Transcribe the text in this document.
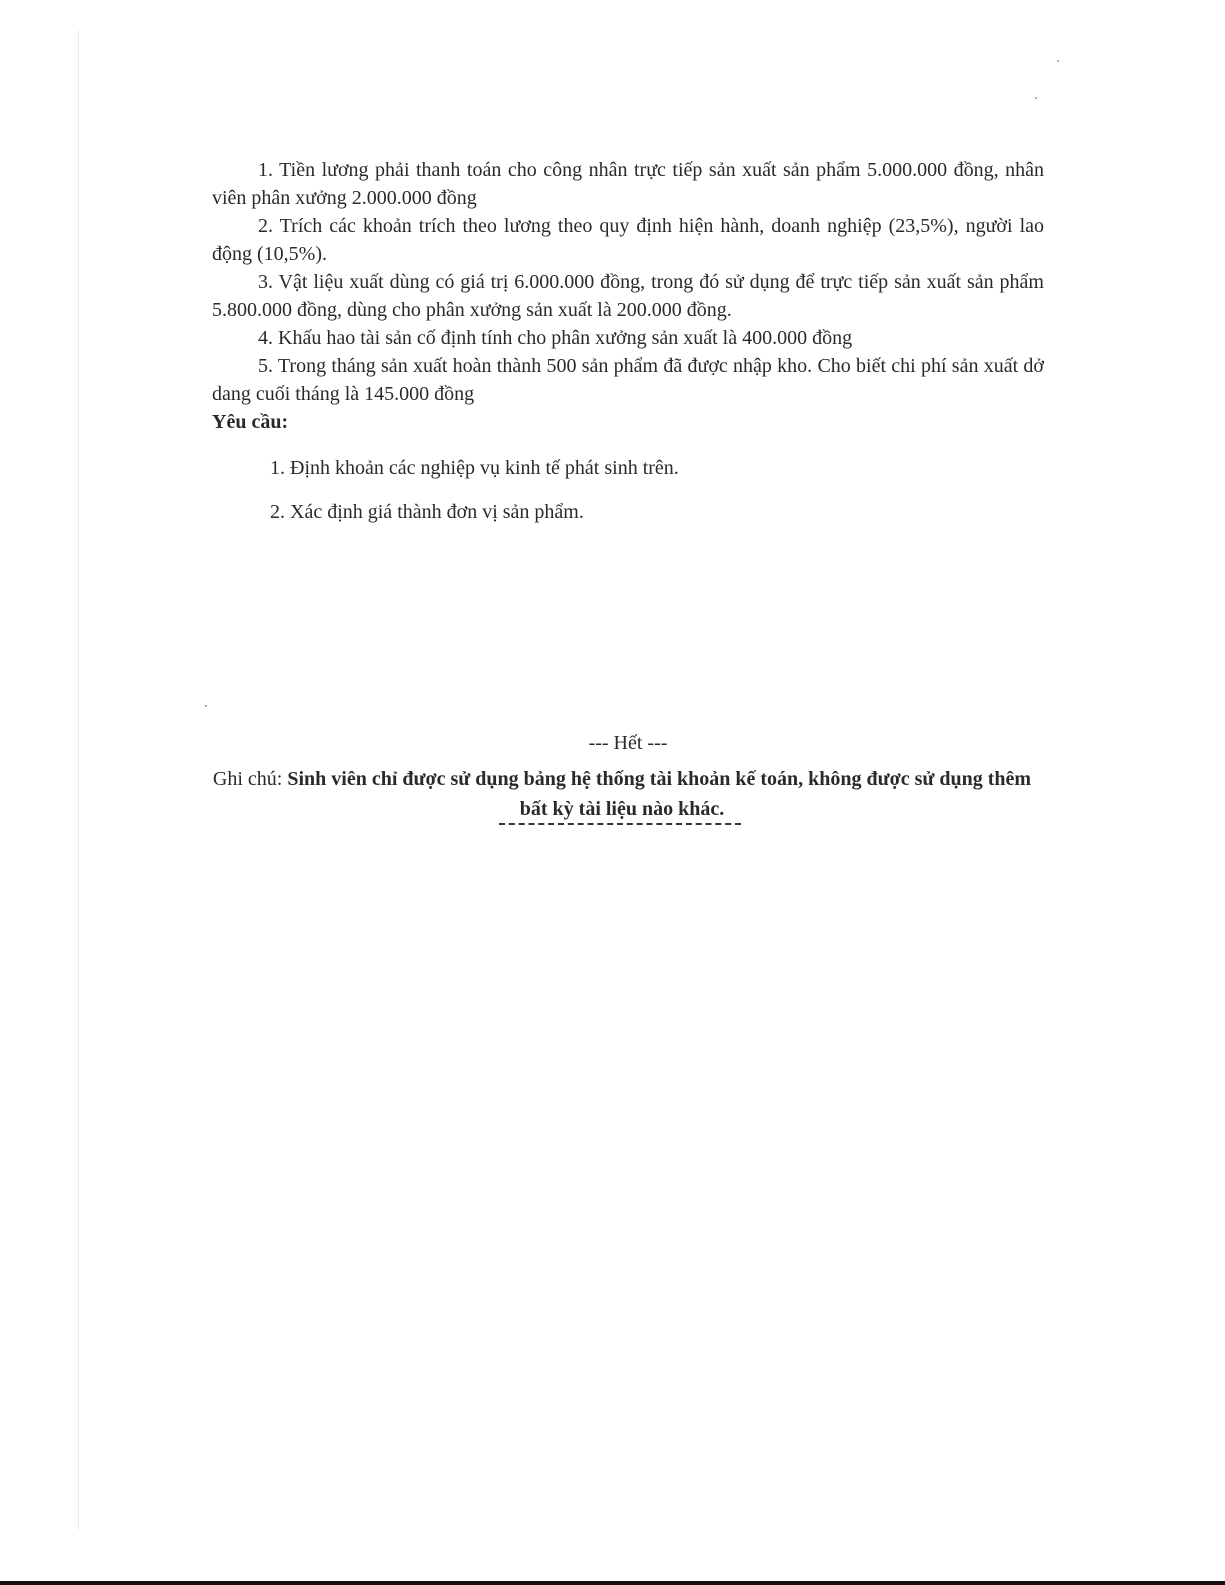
1. Tiền lương phải thanh toán cho công nhân trực tiếp sản xuất sản phẩm 5.000.000 đồng, nhân viên phân xưởng 2.000.000 đồng

2. Trích các khoản trích theo lương theo quy định hiện hành, doanh nghiệp (23,5%), người lao động (10,5%).

3. Vật liệu xuất dùng có giá trị 6.000.000 đồng, trong đó sử dụng để trực tiếp sản xuất sản phẩm 5.800.000 đồng, dùng cho phân xưởng sản xuất là 200.000 đồng.

4. Khấu hao tài sản cố định tính cho phân xưởng sản xuất là 400.000 đồng

5. Trong tháng sản xuất hoàn thành 500 sản phẩm đã được nhập kho. Cho biết chi phí sản xuất dở dang cuối tháng là 145.000 đồng

Yêu cầu:

1. Định khoản các nghiệp vụ kinh tế phát sinh trên.

2. Xác định giá thành đơn vị sản phẩm.

--- Hết ---
Ghi chú: Sinh viên chỉ được sử dụng bảng hệ thống tài khoản kế toán, không được sử dụng thêm bất kỳ tài liệu nào khác.
